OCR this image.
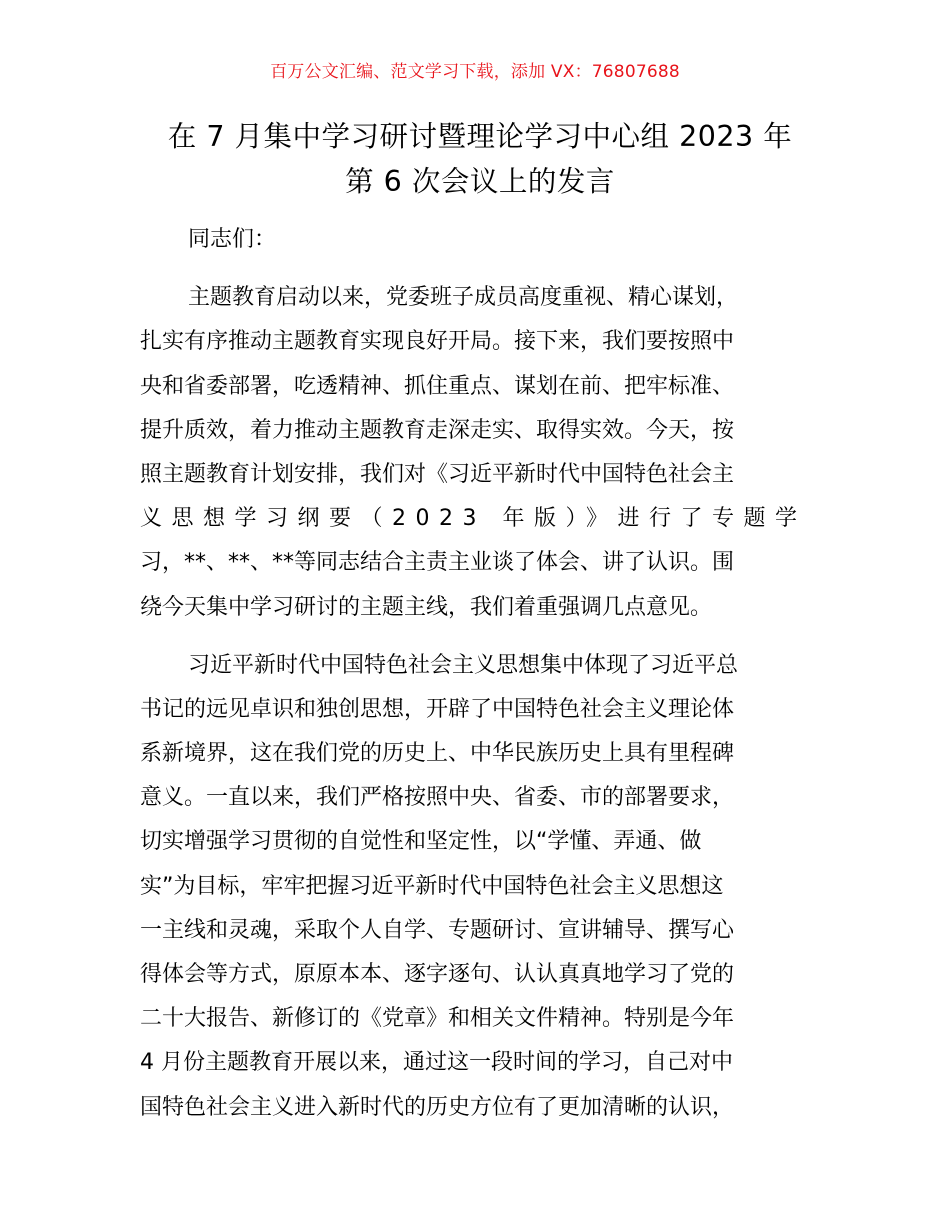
百万公文汇编、范文学习下载，添加 VX：76807688
在 7 月集中学习研讨暨理论学习中心组 2023 年
第 6 次会议上的发言
同志们：
主题教育启动以来，党委班子成员高度重视、精心谋划，
扎实有序推动主题教育实现良好开局。接下来，我们要按照中
央和省委部署，吃透精神、抓住重点、谋划在前、把牢标准、
提升质效，着力推动主题教育走深走实、取得实效。今天，按
照主题教育计划安排，我们对《习近平新时代中国特色社会主
义思想学习纲要（2023 年版）》进行了专题学
习，**、**、**等同志结合主责主业谈了体会、讲了认识。围
绕今天集中学习研讨的主题主线，我们着重强调几点意见。
习近平新时代中国特色社会主义思想集中体现了习近平总
书记的远见卓识和独创思想，开辟了中国特色社会主义理论体
系新境界，这在我们党的历史上、中华民族历史上具有里程碑
意义。一直以来，我们严格按照中央、省委、市的部署要求，
切实增强学习贯彻的自觉性和坚定性，以“学懂、弄通、做
实”为目标，牢牢把握习近平新时代中国特色社会主义思想这
一主线和灵魂，采取个人自学、专题研讨、宣讲辅导、撰写心
得体会等方式，原原本本、逐字逐句、认认真真地学习了党的
二十大报告、新修订的《党章》和相关文件精神。特别是今年
4 月份主题教育开展以来，通过这一段时间的学习，自己对中
国特色社会主义进入新时代的历史方位有了更加清晰的认识，
